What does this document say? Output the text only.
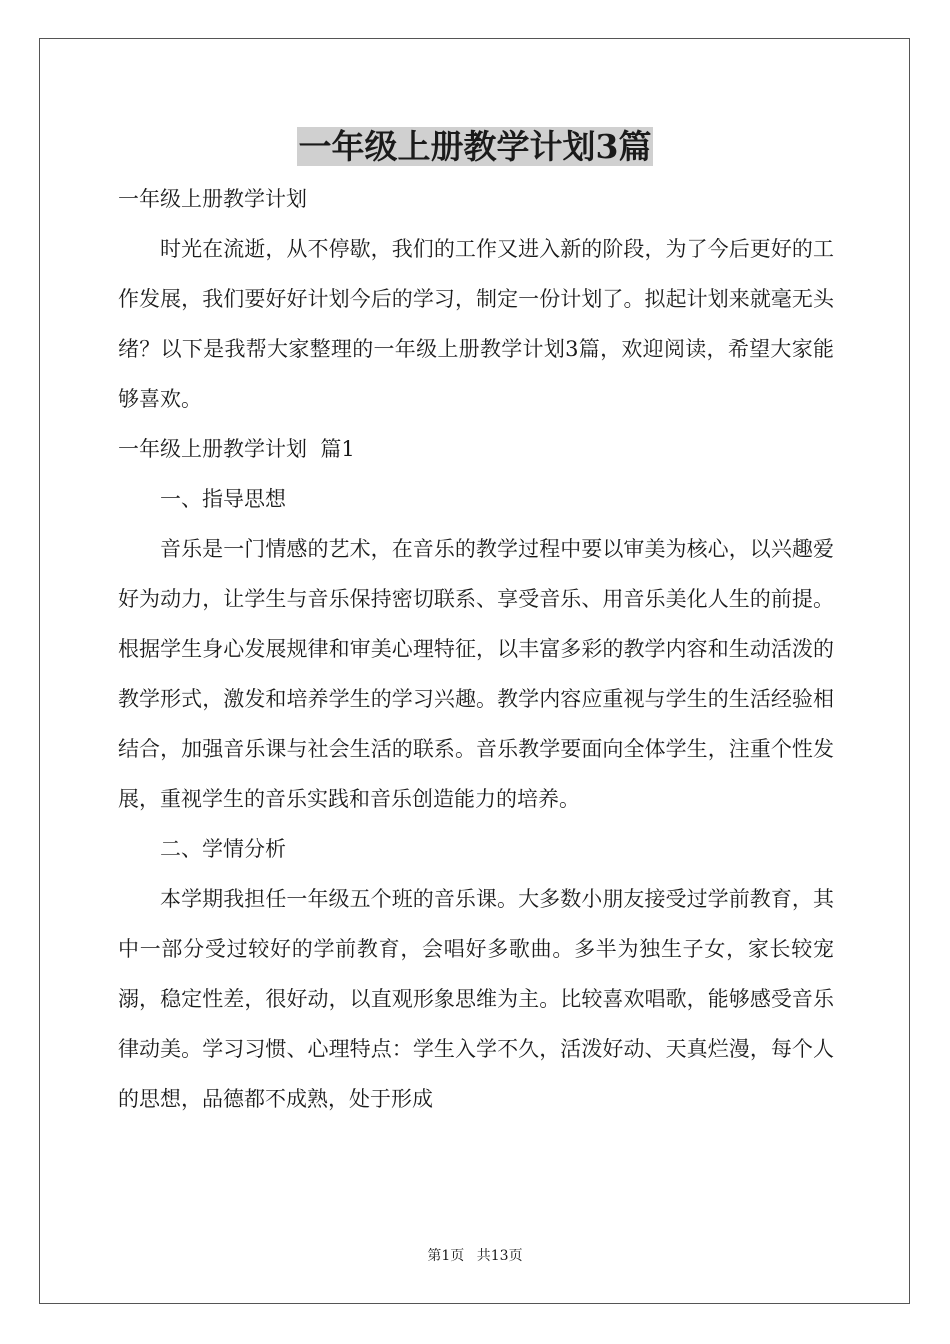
一年级上册教学计划3篇

一年级上册教学计划

时光在流逝，从不停歇，我们的工作又进入新的阶段，为了今后更好的工作发展，我们要好好计划今后的学习，制定一份计划了。拟起计划来就毫无头绪？以下是我帮大家整理的一年级上册教学计划3篇，欢迎阅读，希望大家能够喜欢。

一年级上册教学计划  篇1

一、指导思想

音乐是一门情感的艺术，在音乐的教学过程中要以审美为核心，以兴趣爱好为动力，让学生与音乐保持密切联系、享受音乐、用音乐美化人生的前提。根据学生身心发展规律和审美心理特征，以丰富多彩的教学内容和生动活泼的教学形式，激发和培养学生的学习兴趣。教学内容应重视与学生的生活经验相结合，加强音乐课与社会生活的联系。音乐教学要面向全体学生，注重个性发展，重视学生的音乐实践和音乐创造能力的培养。

二、学情分析

本学期我担任一年级五个班的音乐课。大多数小朋友接受过学前教育，其中一部分受过较好的学前教育，会唱好多歌曲。多半为独生子女，家长较宠溺，稳定性差，很好动，以直观形象思维为主。比较喜欢唱歌，能够感受音乐律动美。学习习惯、心理特点：学生入学不久，活泼好动、天真烂漫，每个人的思想，品德都不成熟，处于形成

第1页 共13页
